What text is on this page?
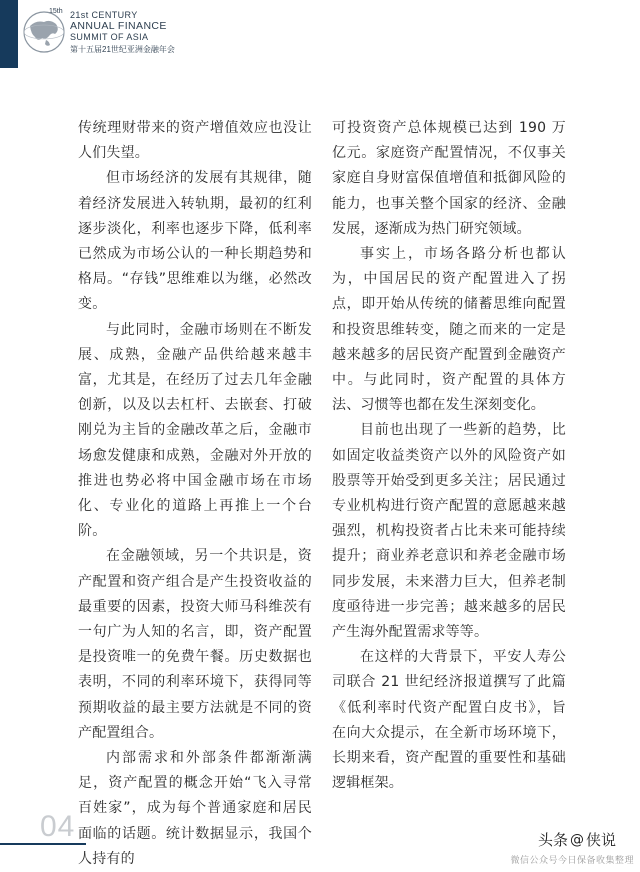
15th 21st CENTURY
ANNUAL FINANCE
SUMMIT OF ASIA
第十五届21世纪亚洲金融年会

传统理财带来的资产增值效应也没让人们失望。

但市场经济的发展有其规律，随着经济发展进入转轨期，最初的红利逐步淡化，利率也逐步下降，低利率已然成为市场公认的一种长期趋势和格局。“存钱”思维难以为继，必然改变。

与此同时，金融市场则在不断发展、成熟，金融产品供给越来越丰富，尤其是，在经历了过去几年金融创新，以及以去杠杆、去嵌套、打破刚兑为主旨的金融改革之后，金融市场愈发健康和成熟，金融对外开放的推进也势必将中国金融市场在市场化、专业化的道路上再推上一个台阶。

在金融领域，另一个共识是，资产配置和资产组合是产生投资收益的最重要的因素，投资大师马科维茨有一句广为人知的名言，即，资产配置是投资唯一的免费午餐。历史数据也表明，不同的利率环境下，获得同等预期收益的最主要方法就是不同的资产配置组合。

内部需求和外部条件都渐渐满足，资产配置的概念开始“飞入寻常百姓家”，成为每个普通家庭和居民面临的话题。统计数据显示，我国个人持有的

可投资资产总体规模已达到 190 万亿元。家庭资产配置情况，不仅事关家庭自身财富保值增值和抵御风险的能力，也事关整个国家的经济、金融发展，逐渐成为热门研究领域。

事实上，市场各路分析也都认为，中国居民的资产配置进入了拐点，即开始从传统的储蓄思维向配置和投资思维转变，随之而来的一定是越来越多的居民资产配置到金融资产中。与此同时，资产配置的具体方法、习惯等也都在发生深刻变化。

目前也出现了一些新的趋势，比如固定收益类资产以外的风险资产如股票等开始受到更多关注；居民通过专业机构进行资产配置的意愿越来越强烈，机构投资者占比未来可能持续提升；商业养老意识和养老金融市场同步发展，未来潜力巨大，但养老制度亟待进一步完善；越来越多的居民产生海外配置需求等等。

在这样的大背景下，平安人寿公司联合 21 世纪经济报道撰写了此篇《低利率时代资产配置白皮书》，旨在向大众提示，在全新市场环境下，长期来看，资产配置的重要性和基础逻辑框架。

04	头条 @ 侠说
微信公众号今日保备收集整理
